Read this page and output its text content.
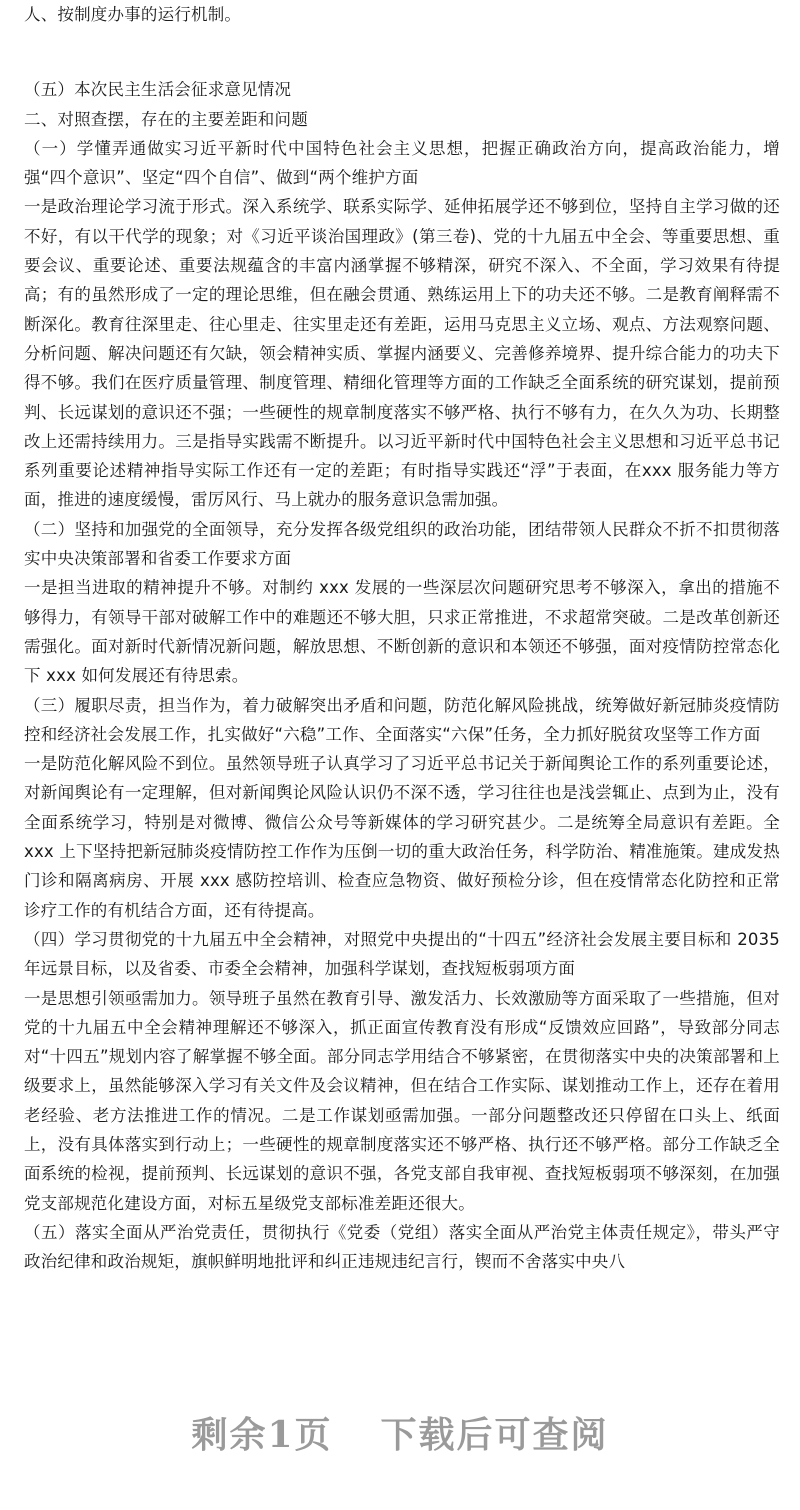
人、按制度办事的运行机制。

（五）本次民主生活会征求意见情况

二、对照查摆，存在的主要差距和问题

（一）学懂弄通做实习近平新时代中国特色社会主义思想，把握正确政治方向，提高政治能力，增强“四个意识”、坚定“四个自信”、做到“两个维护方面

一是政治理论学习流于形式。深入系统学、联系实际学、延伸拓展学还不够到位，坚持自主学习做的还不好，有以干代学的现象；对《习近平谈治国理政》(第三卷)、党的十九届五中全会、等重要思想、重要会议、重要论述、重要法规蕴含的丰富内涵掌握不够精深，研究不深入、不全面，学习效果有待提高；有的虽然形成了一定的理论思维，但在融会贯通、熟练运用上下的功夫还不够。二是教育阐释需不断深化。教育往深里走、往心里走、往实里走还有差距，运用马克思主义立场、观点、方法观察问题、分析问题、解决问题还有欠缺，领会精神实质、掌握内涵要义、完善修养境界、提升综合能力的功夫下得不够。我们在医疗质量管理、制度管理、精细化管理等方面的工作缺乏全面系统的研究谋划，提前预判、长远谋划的意识还不强；一些硬性的规章制度落实不够严格、执行不够有力，在久久为功、长期整改上还需持续用力。三是指导实践需不断提升。以习近平新时代中国特色社会主义思想和习近平总书记系列重要论述精神指导实际工作还有一定的差距；有时指导实践还“浮”于表面，在xxx 服务能力等方面，推进的速度缓慢，雷厉风行、马上就办的服务意识急需加强。

（二）坚持和加强党的全面领导，充分发挥各级党组织的政治功能，团结带领人民群众不折不扣贯彻落实中央决策部署和省委工作要求方面

一是担当进取的精神提升不够。对制约 xxx 发展的一些深层次问题研究思考不够深入，拿出的措施不够得力，有领导干部对破解工作中的难题还不够大胆，只求正常推进，不求超常突破。二是改革创新还需强化。面对新时代新情况新问题，解放思想、不断创新的意识和本领还不够强，面对疫情防控常态化下 xxx 如何发展还有待思索。

（三）履职尽责，担当作为，着力破解突出矛盾和问题，防范化解风险挑战，统筹做好新冠肺炎疫情防控和经济社会发展工作，扎实做好“六稳”工作、全面落实“六保”任务，全力抓好脱贫攻坚等工作方面

一是防范化解风险不到位。虽然领导班子认真学习了习近平总书记关于新闻舆论工作的系列重要论述，对新闻舆论有一定理解，但对新闻舆论风险认识仍不深不透，学习往往也是浅尝辄止、点到为止，没有全面系统学习，特别是对微博、微信公众号等新媒体的学习研究甚少。二是统筹全局意识有差距。全 xxx 上下坚持把新冠肺炎疫情防控工作作为压倒一切的重大政治任务，科学防治、精准施策。建成发热门诊和隔离病房、开展 xxx 感防控培训、检查应急物资、做好预检分诊，但在疫情常态化防控和正常诊疗工作的有机结合方面，还有待提高。

（四）学习贯彻党的十九届五中全会精神，对照党中央提出的“十四五”经济社会发展主要目标和 2035 年远景目标，以及省委、市委全会精神，加强科学谋划，查找短板弱项方面

一是思想引领亟需加力。领导班子虽然在教育引导、激发活力、长效激励等方面采取了一些措施，但对党的十九届五中全会精神理解还不够深入，抓正面宣传教育没有形成“反馈效应回路”，导致部分同志对“十四五”规划内容了解掌握不够全面。部分同志学用结合不够紧密，在贯彻落实中央的决策部署和上级要求上，虽然能够深入学习有关文件及会议精神，但在结合工作实际、谋划推动工作上，还存在着用老经验、老方法推进工作的情况。二是工作谋划亟需加强。一部分问题整改还只停留在口头上、纸面上，没有具体落实到行动上；一些硬性的规章制度落实还不够严格、执行还不够严格。部分工作缺乏全面系统的检视，提前预判、长远谋划的意识不强，各党支部自我审视、查找短板弱项不够深刻，在加强党支部规范化建设方面，对标五星级党支部标准差距还很大。

（五）落实全面从严治党责任，贯彻执行《党委（党组）落实全面从严治党主体责任规定》，带头严守政治纪律和政治规矩，旗帜鲜明地批评和纠正违规违纪言行，锲而不舍落实中央八

剩余1页 下载后可查阅
